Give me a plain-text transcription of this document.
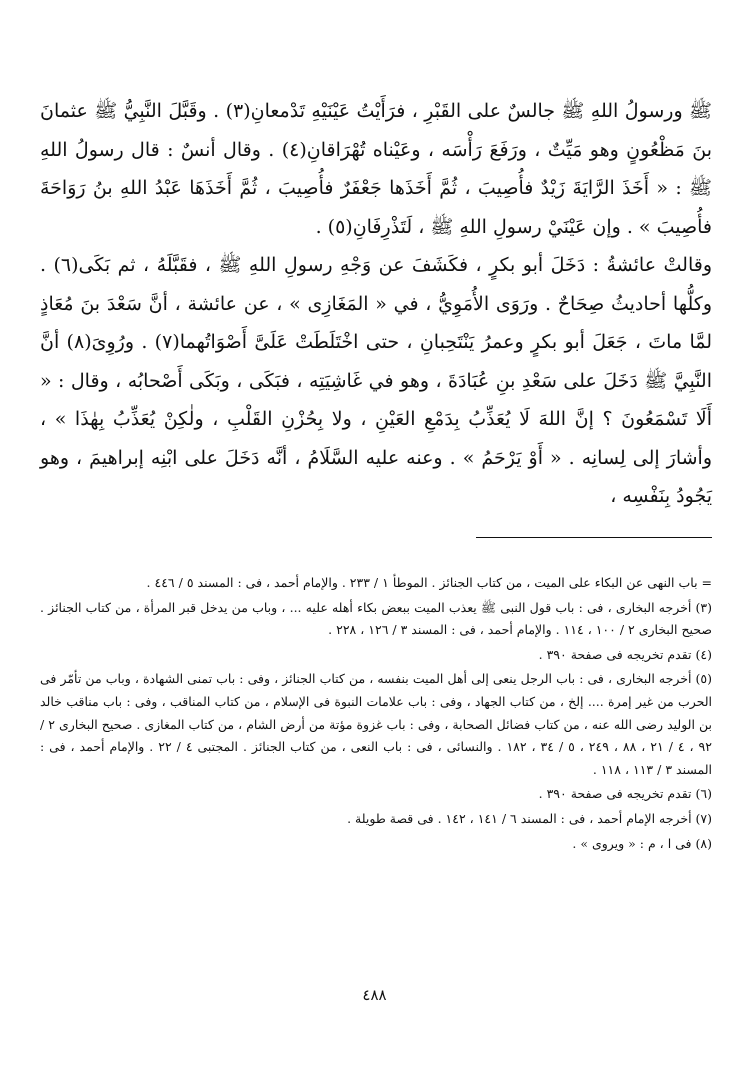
ﷺ ورسولُ اللهِ ﷺ جالسٌ على القَبْرِ ، فرَأَيْتُ عَيْنَيْهِ تَدْمعانِ(٣) . وقَبَّلَ النَّبِيُّ ﷺ عثمانَ بنَ مَظْعُونٍ وهو مَيِّتٌ ، ورَفَعَ رَأْسَه ، وعَيْناه تُهْرَاقانِ(٤) . وقال أنسٌ : قال رسولُ اللهِ ﷺ : « أَخَذَ الرَّايَةَ زَيْدٌ فأُصِيبَ ، ثُمَّ أَخَذَها جَعْفَرٌ فأُصِيبَ ، ثُمَّ أَخَذَهَا عَبْدُ اللهِ بنُ رَوَاحَةَ فأُصِيبَ » . وإن عَيْنَيْ رسولِ اللهِ ﷺ ، لَتَذْرِفَانِ(٥) .

وقالتْ عائشةُ : دَخَلَ أبو بكرٍ ، فكَشَفَ عن وَجْهِ رسولِ اللهِ ﷺ ، فقَبَّلَهُ ، ثم بَكَى(٦) . وكلُّها أحاديثُ صِحَاحٌ . ورَوَى الأُمَوِيُّ ، في « المَغَازِى » ، عن عائشة ، أنَّ سَعْدَ بنَ مُعَاذٍ لمَّا ماتَ ، جَعَلَ أبو بكرٍ وعمرُ يَنْتَحِبانِ ، حتى اخْتَلَطَتْ عَلَىَّ أَصْوَاتُهما(٧) . ورُوِىَ(٨) أنَّ النَّبِيَّ ﷺ دَخَلَ على سَعْدِ بنِ عُبَادَةَ ، وهو في غَاشِيَتِه ، فبَكَى ، وبَكَى أَصْحابُه ، وقال : « أَلَا تَسْمَعُونَ ؟ إنَّ اللهَ لَا يُعَذِّبُ بِدَمْعِ العَيْنِ ، ولا بِحُزْنِ القَلْبِ ، ولٰكِنْ يُعَذِّبُ بِهٰذَا » ، وأشارَ إلى لِسانِه . « أَوْ يَرْحَمُ » . وعنه عليه السَّلَامُ ، أنَّه دَخَلَ على ابْنِه إبراهيمَ ، وهو يَجُودُ بِنَفْسِه ،

= باب النهى عن البكاء على الميت ، من كتاب الجنائز . الموطأ ١ / ٢٣٣ . والإمام أحمد ، فى : المسند ٥ / ٤٤٦ .

(٣) أخرجه البخارى ، فى : باب قول النبى ﷺ يعذب الميت ببعض بكاء أهله عليه ... ، وباب من يدخل قبر المرأة ، من كتاب الجنائز . صحيح البخارى ٢ / ١٠٠ ، ١١٤ . والإمام أحمد ، فى : المسند ٣ / ١٢٦ ، ٢٢٨ .

(٤) تقدم تخريجه فى صفحة ٣٩٠ .

(٥) أخرجه البخارى ، فى : باب الرجل ينعى إلى أهل الميت بنفسه ، من كتاب الجنائز ، وفى : باب تمنى الشهادة ، وباب من تأمّر فى الحرب من غير إمرة .... إلخ ، من كتاب الجهاد ، وفى : باب علامات النبوة فى الإسلام ، من كتاب المناقب ، وفى : باب مناقب خالد بن الوليد رضى الله عنه ، من كتاب فضائل الصحابة ، وفى : باب غزوة مؤتة من أرض الشام ، من كتاب المغازى . صحيح البخارى ٢ / ٩٢ ، ٤ / ٢١ ، ٨٨ ، ٢٤٩ ، ٥ / ٣٤ ، ١٨٢ . والنسائى ، فى : باب النعى ، من كتاب الجنائز . المجتبى ٤ / ٢٢ . والإمام أحمد ، فى : المسند ٣ / ١١٣ ، ١١٨ .

(٦) تقدم تخريجه فى صفحة ٣٩٠ .

(٧) أخرجه الإمام أحمد ، فى : المسند ٦ / ١٤١ ، ١٤٢ . فى قصة طويلة .

(٨) فى ا ، م : « ويروى » .

٤٨٨
